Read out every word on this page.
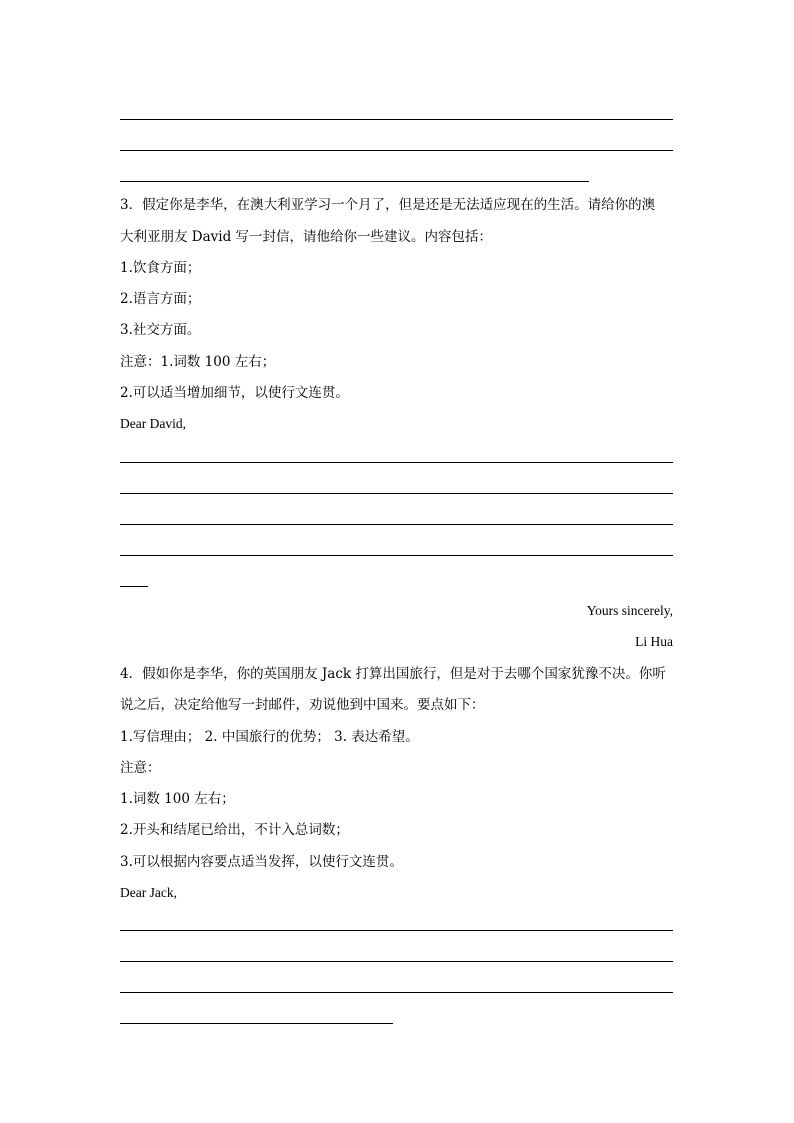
3．假定你是李华，在澳大利亚学习一个月了，但是还是无法适应现在的生活。请给你的澳
大利亚朋友 David 写一封信，请他给你一些建议。内容包括：
1.饮食方面；
2.语言方面；
3.社交方面。
注意：1.词数 100 左右；
2.可以适当增加细节，以使行文连贯。
Dear David,
Yours sincerely,
Li Hua
4．假如你是李华，你的英国朋友 Jack 打算出国旅行，但是对于去哪个国家犹豫不决。你听
说之后，决定给他写一封邮件，劝说他到中国来。要点如下：
1.写信理由； 2. 中国旅行的优势； 3. 表达希望。
注意：
1.词数 100 左右；
2.开头和结尾已给出，不计入总词数；
3.可以根据内容要点适当发挥，以使行文连贯。
Dear Jack,
